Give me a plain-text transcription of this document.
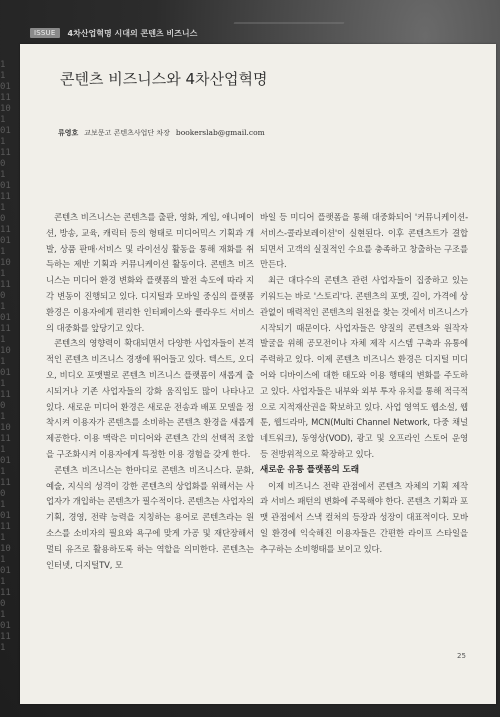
1
1
01
11
10
1
01
1
11
0
1
01
11
1
0
11
01
1
10
1
11
0
1
01
11
1
10
1
01
1
11
0
1
10
11
1
01
1
11
0
1
01
11
1
10
1
01
1
11
0
1
01
11
1
ISSUE	4차산업혁명 시대의 콘텐츠 비즈니스
콘텐츠 비즈니스와 4차산업혁명
류영호 교보문고 콘텐츠사업단 차장 bookerslab@gmail.com

콘텐츠 비즈니스는 콘텐츠를 출판, 영화, 게임, 애니메이션, 방송, 교육, 캐릭터 등의 형태로 미디어믹스 기획과 개발, 상품 판매·서비스 및 라이선싱 활동을 통해 재화를 취득하는 제반 기획과 커뮤니케이션 활동이다. 콘텐츠 비즈니스는 미디어 환경 변화와 플랫폼의 발전 속도에 따라 지각 변동이 진행되고 있다. 디지털과 모바일 중심의 플랫폼 환경은 이용자에게 편리한 인터페이스와 클라우드 서비스의 대중화를 앞당기고 있다.

콘텐츠의 영향력이 확대되면서 다양한 사업자들이 본격적인 콘텐츠 비즈니스 경쟁에 뛰어들고 있다. 텍스트, 오디오, 비디오 포맷별로 콘텐츠 비즈니스 플랫폼이 새롭게 출시되거나 기존 사업자들의 강화 움직임도 많이 나타나고 있다. 새로운 미디어 환경은 새로운 전송과 배포 모델을 정착시켜 이용자가 콘텐츠를 소비하는 콘텐츠 환경을 새롭게 제공한다. 이용 맥락은 미디어와 콘텐츠 간의 선택적 조합을 구조화시켜 이용자에게 특정한 이용 경험을 갖게 한다.

콘텐츠 비즈니스는 한마디로 콘텐츠 비즈니스다. 문화, 예술, 지식의 성격이 강한 콘텐츠의 상업화를 위해서는 사업자가 개입하는 콘텐츠가 필수적이다. 콘텐츠는 사업자의 기획, 경영, 전략 능력을 지칭하는 용어로 콘텐츠라는 원 소스를 소비자의 필요와 욕구에 맞게 가공 및 재단장해서 멀티 유즈로 활용하도록 하는 역할을 의미한다. 콘텐츠는 인터넷, 디지털TV, 모

바일 등 미디어 플랫폼을 통해 대중화되어 '커뮤니케이션-서비스-콜라보레이션'이 실현된다. 이후 콘텐츠트가 결합되면서 고객의 실질적인 수요를 충족하고 창출하는 구조를 만든다.

최근 대다수의 콘텐츠 관련 사업자들이 집중하고 있는 키워드는 바로 '스토리'다. 콘텐츠의 포맷, 길이, 가격에 상관없이 매력적인 콘텐츠의 원천을 찾는 것에서 비즈니스가 시작되기 때문이다. 사업자들은 양질의 콘텐츠와 원작자 발굴을 위해 공모전이나 자체 제작 시스템 구축과 유통에 주력하고 있다. 이제 콘텐츠 비즈니스 환경은 디지털 미디어와 디바이스에 대한 태도와 이용 행태의 변화를 주도하고 있다. 사업자들은 내부와 외부 투자 유치를 통해 적극적으로 지적재산권을 확보하고 있다. 사업 영역도 웹소설, 웹툰, 웹드라마, MCN(Multi Channel Network, 다중 채널 네트워크), 동영상(VOD), 광고 및 오프라인 스토어 운영 등 전방위적으로 확장하고 있다.

새로운 유통 플랫폼의 도래

이제 비즈니스 전략 관점에서 콘텐츠 자체의 기획 제작과 서비스 패턴의 변화에 주목해야 한다. 콘텐츠 기획과 포맷 관점에서 스낵 컬처의 등장과 성장이 대표적이다. 모바일 환경에 익숙해진 이용자들은 간편한 라이프 스타일을 추구하는 소비행태를 보이고 있다.

25
